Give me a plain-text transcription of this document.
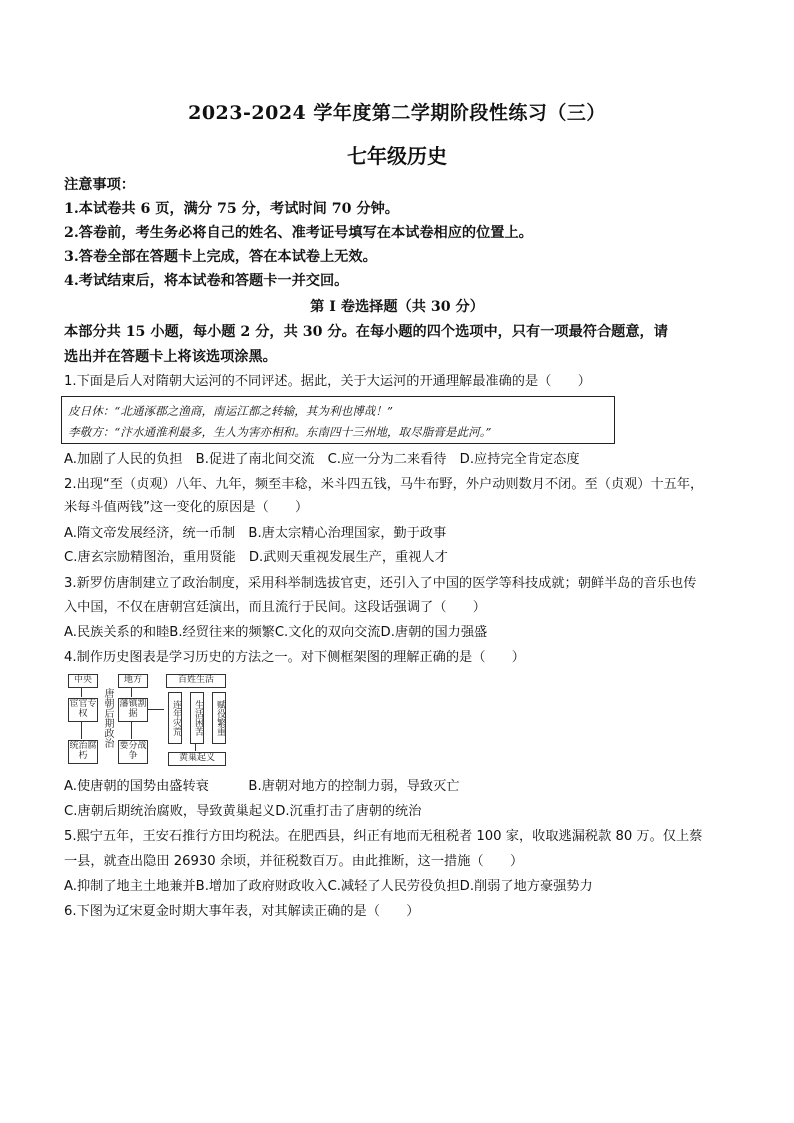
2023-2024 学年度第二学期阶段性练习（三）
七年级历史
注意事项：
1.本试卷共 6 页，满分 75 分，考试时间 70 分钟。
2.答卷前，考生务必将自己的姓名、准考证号填写在本试卷相应的位置上。
3.答卷全部在答题卡上完成，答在本试卷上无效。
4.考试结束后，将本试卷和答题卡一并交回。
第 I 卷选择题（共 30 分）
本部分共 15 小题，每小题 2 分，共 30 分。在每小题的四个选项中，只有一项最符合题意，请
选出并在答题卡上将该选项涂黑。
1.下面是后人对隋朝大运河的不同评述。据此，关于大运河的开通理解最准确的是（　　）
皮日休：“北通涿郡之渔商，南运江都之转输，其为利也博哉！”
李敬方：“汴水通淮利最多，生人为害亦相和。东南四十三州地，取尽脂膏是此河。”
A.加剧了人民的负担　B.促进了南北间交流　C.应一分为二来看待　D.应持完全肯定态度
2.出现“至（贞观）八年、九年，频至丰稔，米斗四五钱，马牛布野，外户动则数月不闭。至（贞观）十五年，
米每斗值两钱”这一变化的原因是（　　）
A.隋文帝发展经济，统一币制　B.唐太宗精心治理国家，勤于政事
C.唐玄宗励精图治，重用贤能　D.武则天重视发展生产，重视人才
3.新罗仿唐制建立了政治制度，采用科举制选拔官吏，还引入了中国的医学等科技成就；朝鲜半岛的音乐也传
入中国，不仅在唐朝宫廷演出，而且流行于民间。这段话强调了（　　）
A.民族关系的和睦B.经贸往来的频繁C.文化的双向交流D.唐朝的国力强盛
4.制作历史图表是学习历史的方法之一。对下侧框架图的理解正确的是（　　）
中央
宦官专权
统治腐朽
唐朝后期政治
地方
藩镇割据
要分战争
百姓生活
连年灾荒	生活困苦	赋役繁重
黄巢起义
A.使唐朝的国势由盛转衰　　　B.唐朝对地方的控制力弱，导致灭亡
C.唐朝后期统治腐败，导致黄巢起义D.沉重打击了唐朝的统治
5.熙宁五年，王安石推行方田均税法。在肥西县，纠正有地而无租税者 100 家，收取逃漏税款 80 万。仅上蔡
一县，就查出隐田 26930 余顷，并征税数百万。由此推断，这一措施（　　）
A.抑制了地主土地兼并B.增加了政府财政收入C.减轻了人民劳役负担D.削弱了地方豪强势力
6.下图为辽宋夏金时期大事年表，对其解读正确的是（　　）
